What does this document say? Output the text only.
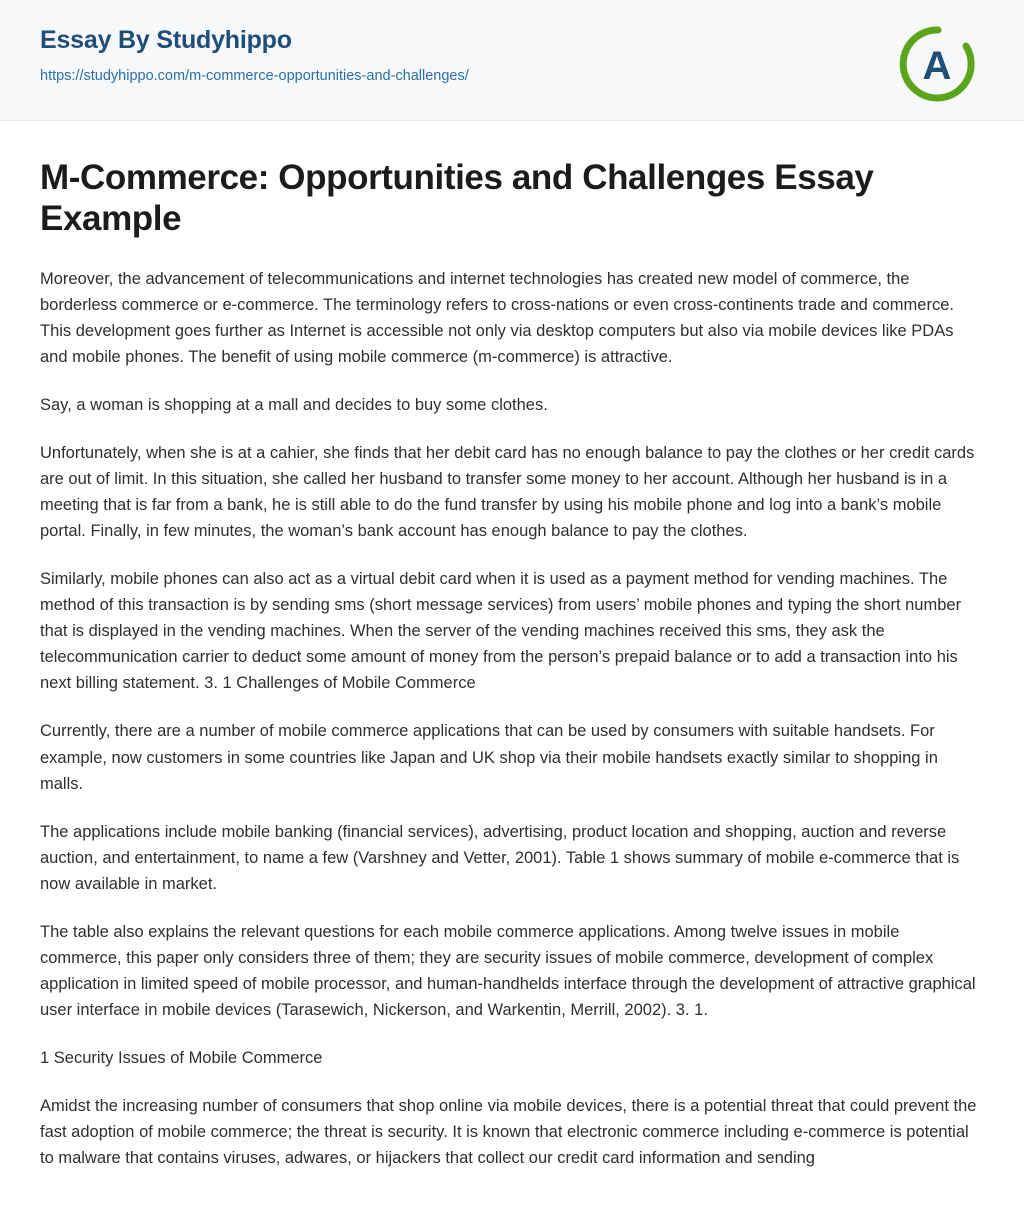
Essay By Studyhippo
https://studyhippo.com/m-commerce-opportunities-and-challenges/	A
M-Commerce: Opportunities and Challenges Essay Example

Moreover, the advancement of telecommunications and internet technologies has created new model of commerce, the borderless commerce or e-commerce. The terminology refers to cross-nations or even cross-continents trade and commerce. This development goes further as Internet is accessible not only via desktop computers but also via mobile devices like PDAs and mobile phones. The benefit of using mobile commerce (m-commerce) is attractive.

Say, a woman is shopping at a mall and decides to buy some clothes.

Unfortunately, when she is at a cahier, she finds that her debit card has no enough balance to pay the clothes or her credit cards are out of limit. In this situation, she called her husband to transfer some money to her account. Although her husband is in a meeting that is far from a bank, he is still able to do the fund transfer by using his mobile phone and log into a bank’s mobile portal. Finally, in few minutes, the woman’s bank account has enough balance to pay the clothes.

Similarly, mobile phones can also act as a virtual debit card when it is used as a payment method for vending machines. The method of this transaction is by sending sms (short message services) from users’ mobile phones and typing the short number that is displayed in the vending machines. When the server of the vending machines received this sms, they ask the telecommunication carrier to deduct some amount of money from the person’s prepaid balance or to add a transaction into his next billing statement. 3. 1 Challenges of Mobile Commerce

Currently, there are a number of mobile commerce applications that can be used by consumers with suitable handsets. For example, now customers in some countries like Japan and UK shop via their mobile handsets exactly similar to shopping in malls.

The applications include mobile banking (financial services), advertising, product location and shopping, auction and reverse auction, and entertainment, to name a few (Varshney and Vetter, 2001). Table 1 shows summary of mobile e-commerce that is now available in market.

The table also explains the relevant questions for each mobile commerce applications. Among twelve issues in mobile commerce, this paper only considers three of them; they are security issues of mobile commerce, development of complex application in limited speed of mobile processor, and human-handhelds interface through the development of attractive graphical user interface in mobile devices (Tarasewich, Nickerson, and Warkentin, Merrill, 2002). 3. 1.

1 Security Issues of Mobile Commerce

Amidst the increasing number of consumers that shop online via mobile devices, there is a potential threat that could prevent the fast adoption of mobile commerce; the threat is security. It is known that electronic commerce including e-commerce is potential to malware that contains viruses, adwares, or hijackers that collect our credit card information and sending
